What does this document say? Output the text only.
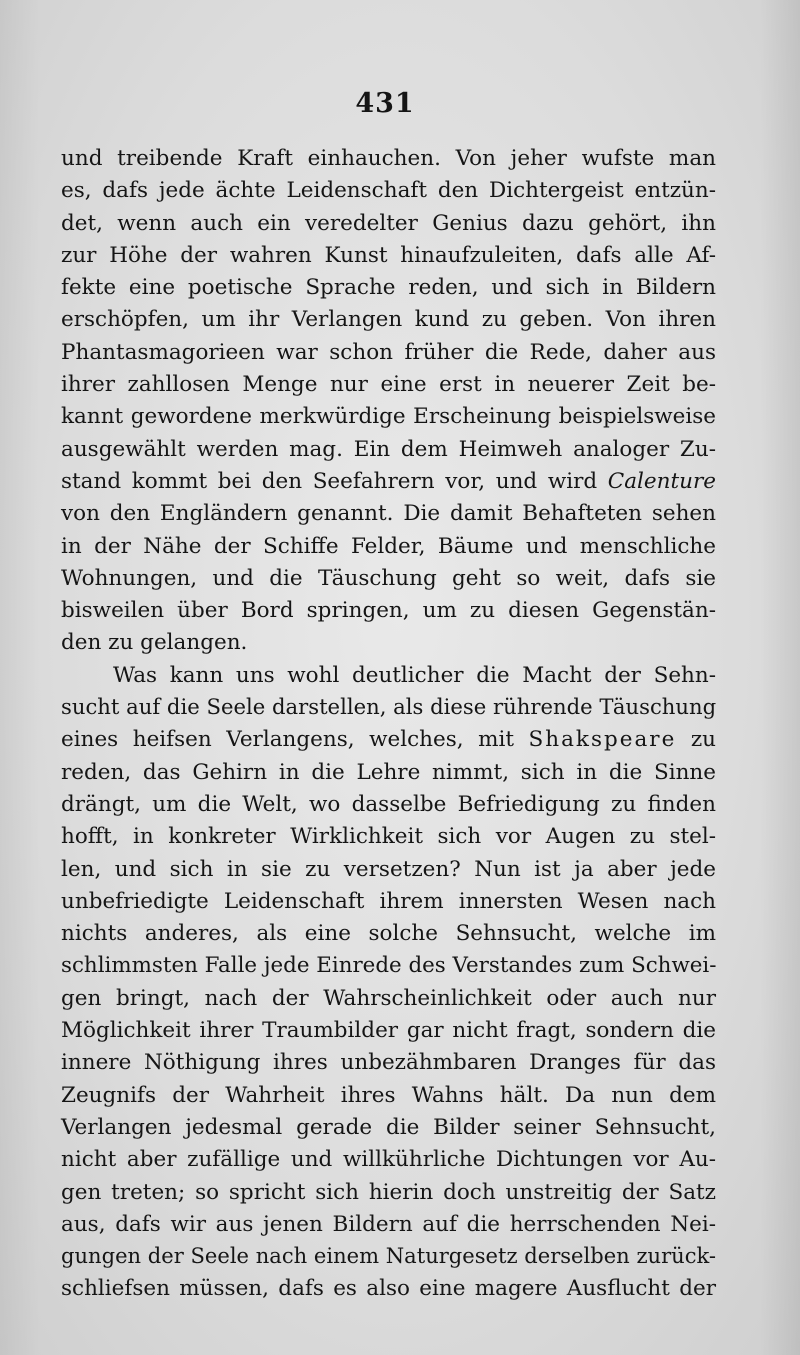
431
und treibende Kraft einhauchen. Von jeher wufste man
es, dafs jede ächte Leidenschaft den Dichtergeist entzün-
det, wenn auch ein veredelter Genius dazu gehört, ihn
zur Höhe der wahren Kunst hinaufzuleiten, dafs alle Af-
fekte eine poetische Sprache reden, und sich in Bildern
erschöpfen, um ihr Verlangen kund zu geben. Von ihren
Phantasmagorieen war schon früher die Rede, daher aus
ihrer zahllosen Menge nur eine erst in neuerer Zeit be-
kannt gewordene merkwürdige Erscheinung beispielsweise
ausgewählt werden mag. Ein dem Heimweh analoger Zu-
stand kommt bei den Seefahrern vor, und wird Calenture
von den Engländern genannt. Die damit Behafteten sehen
in der Nähe der Schiffe Felder, Bäume und menschliche
Wohnungen, und die Täuschung geht so weit, dafs sie
bisweilen über Bord springen, um zu diesen Gegenstän-
den zu gelangen.
Was kann uns wohl deutlicher die Macht der Sehn-
sucht auf die Seele darstellen, als diese rührende Täuschung
eines heifsen Verlangens, welches, mit Shakspeare zu
reden, das Gehirn in die Lehre nimmt, sich in die Sinne
drängt, um die Welt, wo dasselbe Befriedigung zu finden
hofft, in konkreter Wirklichkeit sich vor Augen zu stel-
len, und sich in sie zu versetzen? Nun ist ja aber jede
unbefriedigte Leidenschaft ihrem innersten Wesen nach
nichts anderes, als eine solche Sehnsucht, welche im
schlimmsten Falle jede Einrede des Verstandes zum Schwei-
gen bringt, nach der Wahrscheinlichkeit oder auch nur
Möglichkeit ihrer Traumbilder gar nicht fragt, sondern die
innere Nöthigung ihres unbezähmbaren Dranges für das
Zeugnifs der Wahrheit ihres Wahns hält. Da nun dem
Verlangen jedesmal gerade die Bilder seiner Sehnsucht,
nicht aber zufällige und willkührliche Dichtungen vor Au-
gen treten; so spricht sich hierin doch unstreitig der Satz
aus, dafs wir aus jenen Bildern auf die herrschenden Nei-
gungen der Seele nach einem Naturgesetz derselben zurück-
schliefsen müssen, dafs es also eine magere Ausflucht der
